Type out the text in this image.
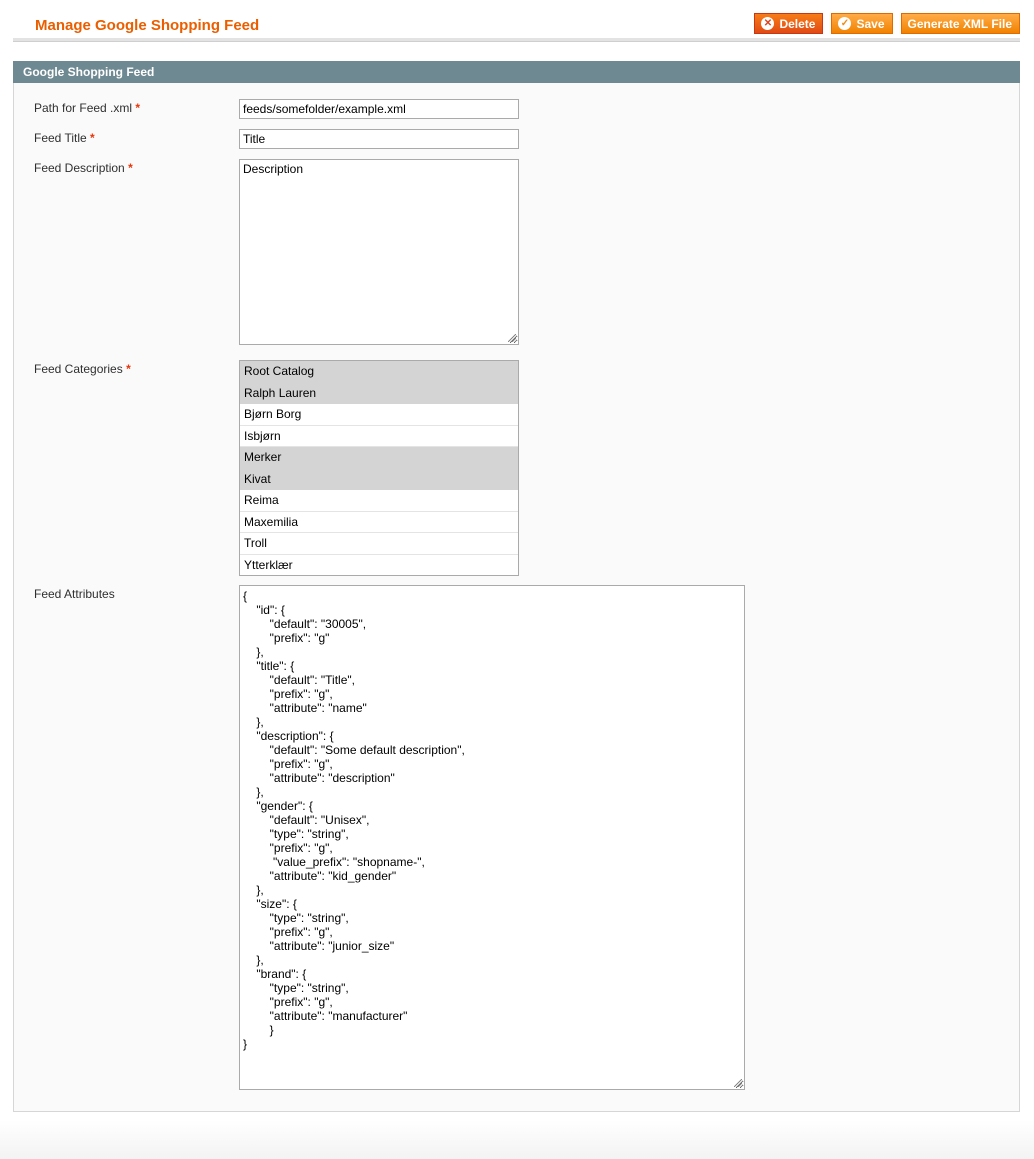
Manage Google Shopping Feed	✕ Delete	✓ Save Generate XML File
Google Shopping Feed
Path for Feed .xml *
feeds/somefolder/example.xml
Feed Title *
Title
Feed Description *
Description
Feed Categories *	Root Catalog
Ralph Lauren
Bjørn Borg
Isbjørn
Merker
Kivat
Reima
Maxemilia
Troll
Ytterklær
Feed Attributes
{ "id": { "default": "30005", "prefix": "g" }, "title": { "default": "Title", "prefix": "g", "attribute": "name" }, "description": { "default": "Some default description", "prefix": "g", "attribute": "description" }, "gender": { "default": "Unisex", "type": "string", "prefix": "g", "value_prefix": "shopname-", "attribute": "kid_gender" }, "size": { "type": "string", "prefix": "g", "attribute": "junior_size" }, "brand": { "type": "string", "prefix": "g", "attribute": "manufacturer" } }
